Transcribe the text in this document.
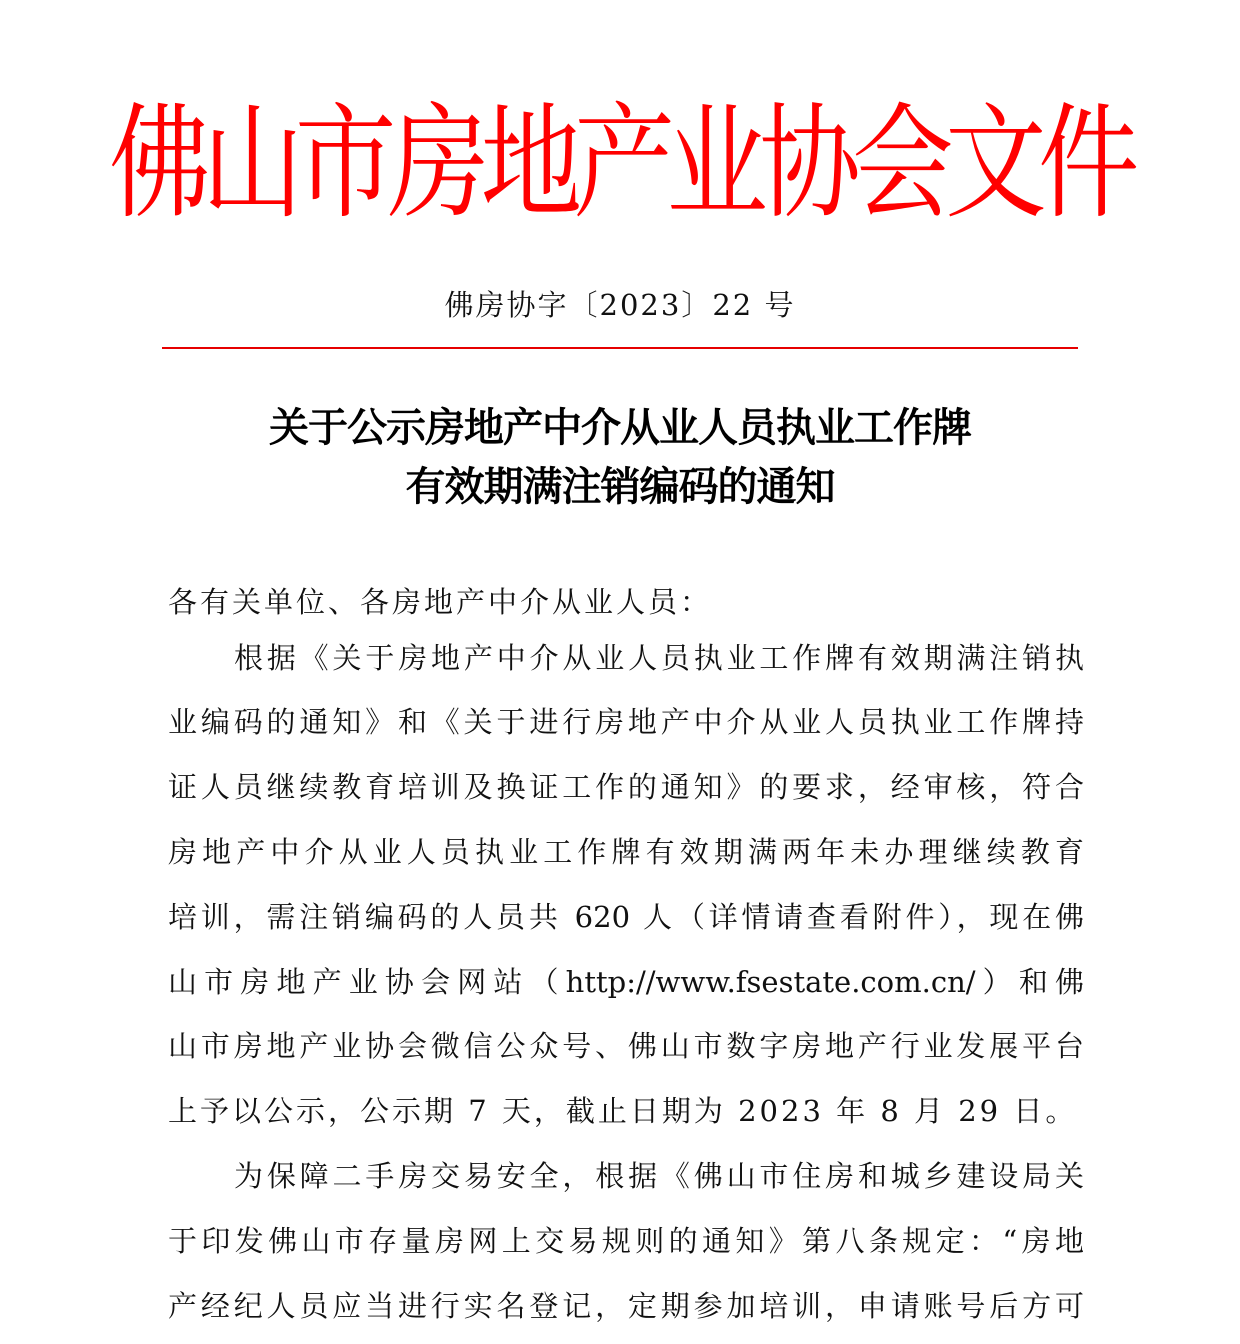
佛山市房地产业协会文件
佛房协字〔2023〕22 号
关于公示房地产中介从业人员执业工作牌
有效期满注销编码的通知
各有关单位、各房地产中介从业人员：
根据《关于房地产中介从业人员执业工作牌有效期满注销执
业编码的通知》和《关于进行房地产中介从业人员执业工作牌持
证人员继续教育培训及换证工作的通知》的要求，经审核，符合
房地产中介从业人员执业工作牌有效期满两年未办理继续教育
培训，需注销编码的人员共 620 人（详情请查看附件），现在佛
山市房地产业协会网站（http://www.fsestate.com.cn/）和佛
山市房地产业协会微信公众号、佛山市数字房地产行业发展平台
上予以公示，公示期 7 天，截止日期为 2023 年 8 月 29 日。
为保障二手房交易安全，根据《佛山市住房和城乡建设局关
于印发佛山市存量房网上交易规则的通知》第八条规定：“房地
产经纪人员应当进行实名登记，定期参加培训，申请账号后方可
